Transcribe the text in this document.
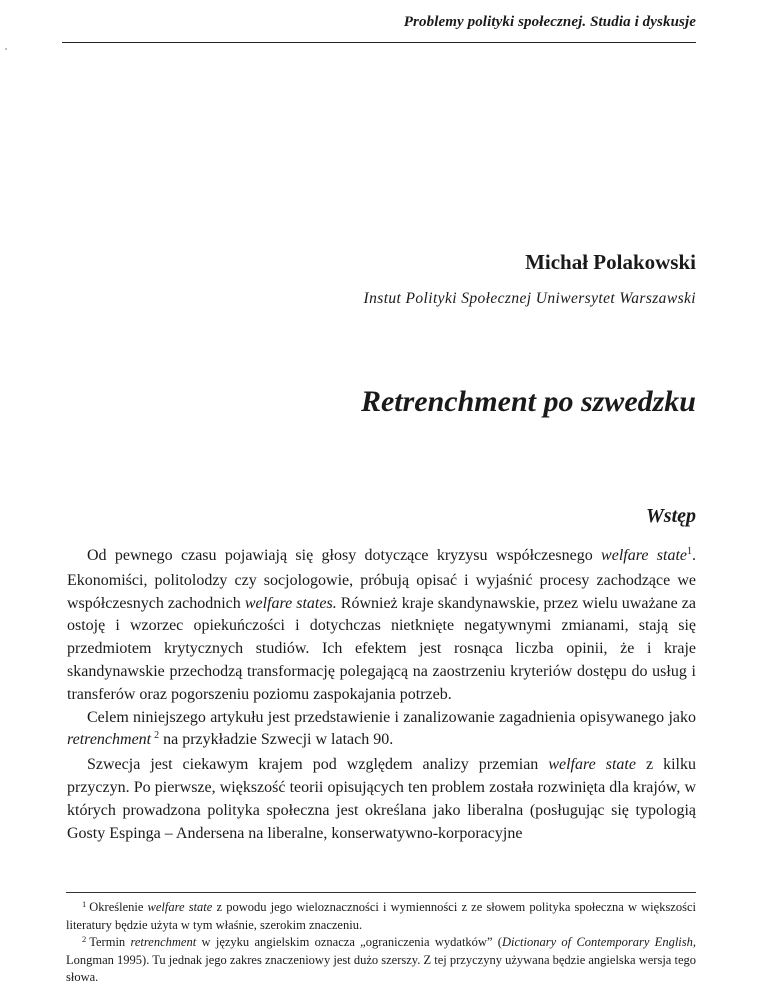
Problemy polityki społecznej. Studia i dyskusje
Michał Polakowski
Instut Polityki Społecznej Uniwersytet Warszawski
Retrenchment po szwedzku
Wstęp

Od pewnego czasu pojawiają się głosy dotyczące kryzysu współczesnego welfare state$^1$. Ekonomiści, politolodzy czy socjologowie, próbują opisać i wyjaśnić procesy zachodzące we współczesnych zachodnich welfare states. Również kraje skandynawskie, przez wielu uważane za ostoję i wzorzec opiekuńczości i dotychczas nietknięte negatywnymi zmianami, stają się przedmiotem krytycznych studiów. Ich efektem jest rosnąca liczba opinii, że i kraje skandynawskie przechodzą transformację polegającą na zaostrzeniu kryteriów dostępu do usług i transferów oraz pogorszeniu poziomu zaspokajania potrzeb.

Celem niniejszego artykułu jest przedstawienie i zanalizowanie zagadnienia opisywanego jako retrenchment $^2$ na przykładzie Szwecji w latach 90.

Szwecja jest ciekawym krajem pod względem analizy przemian welfare state z kilku przyczyn. Po pierwsze, większość teorii opisujących ten problem została rozwinięta dla krajów, w których prowadzona polityka społeczna jest określana jako liberalna (posługując się typologią Gosty Espinga – Andersena na liberalne, konserwatywno-korporacyjne

$^1$ Określenie welfare state z powodu jego wieloznaczności i wymienności z ze słowem polityka społeczna w większości literatury będzie użyta w tym właśnie, szerokim znaczeniu.

$^2$ Termin retrenchment w języku angielskim oznacza „ograniczenia wydatków” (Dictionary of Contemporary English, Longman 1995). Tu jednak jego zakres znaczeniowy jest dużo szerszy. Z tej przyczyny używana będzie angielska wersja tego słowa.
